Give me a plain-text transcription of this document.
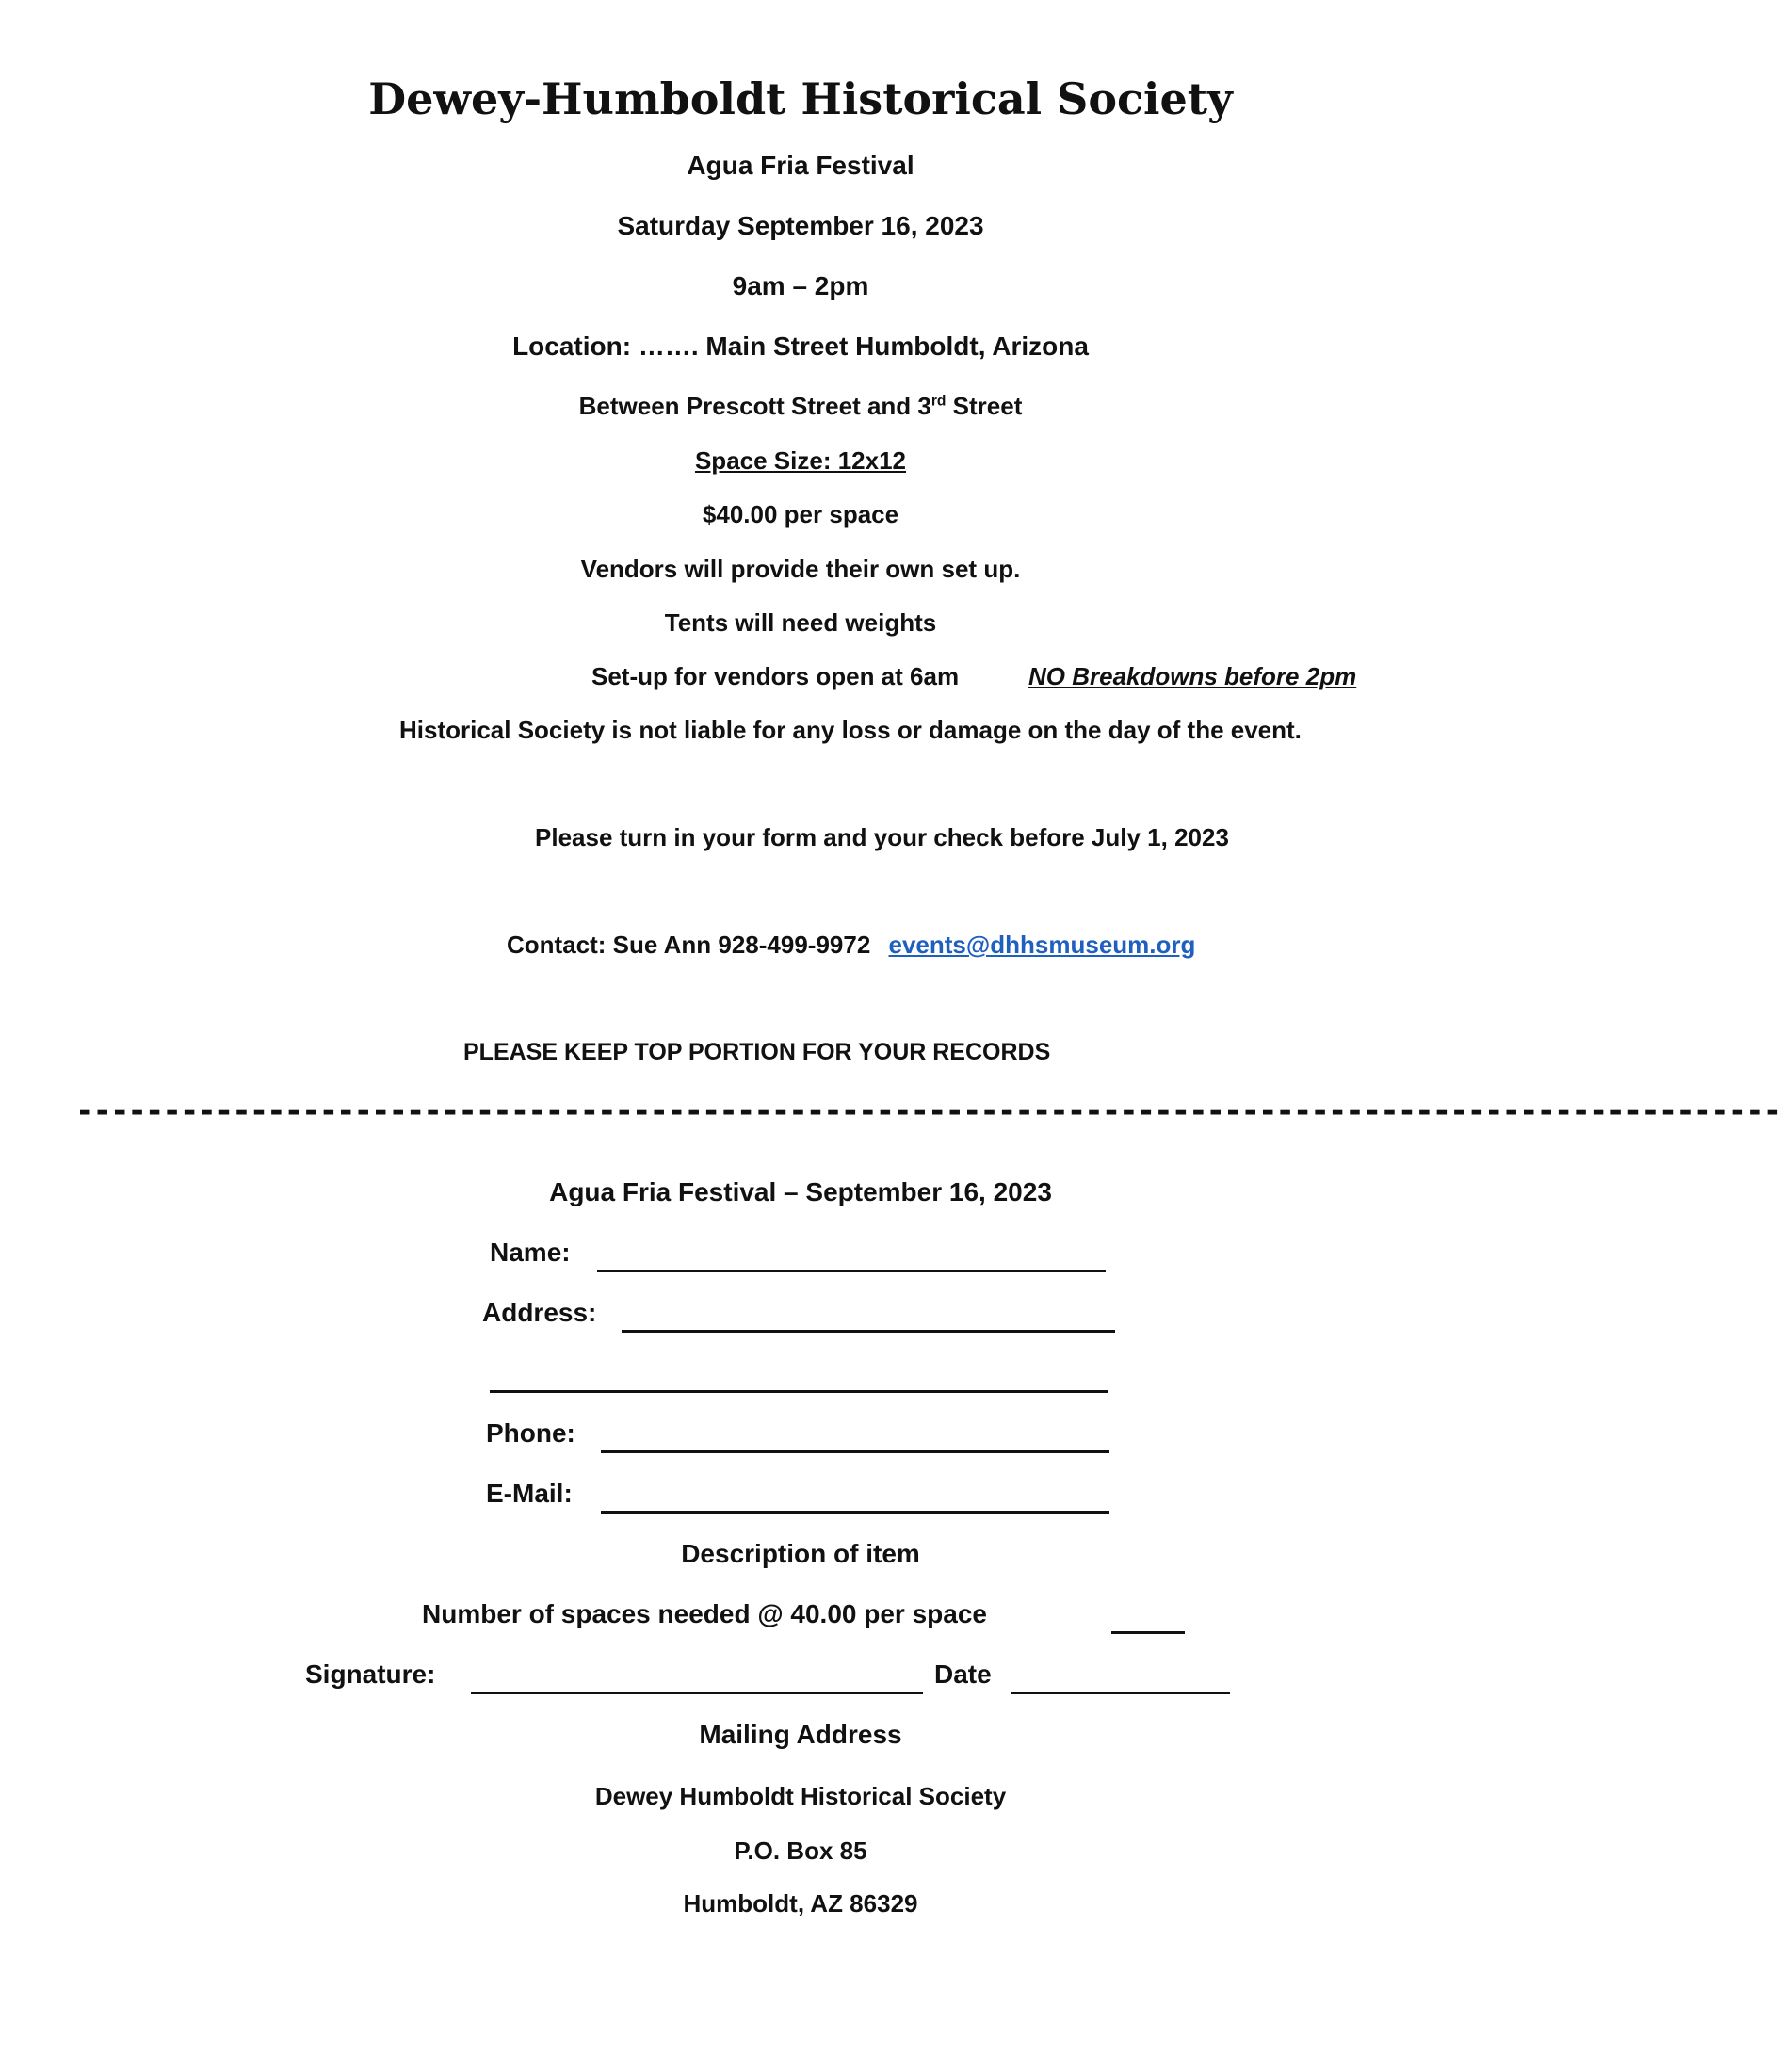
Dewey-Humboldt Historical Society
Agua Fria Festival
Saturday September 16, 2023
9am – 2pm
Location: ……. Main Street Humboldt, Arizona
Between Prescott Street and 3rd Street
Space Size: 12x12
$40.00 per space
Vendors will provide their own set up.
Tents will need weights
Set-up for vendors open at 6am	NO Breakdowns before 2pm
Historical Society is not liable for any loss or damage on the day of the event.
Please turn in your form and your check before July 1, 2023
Contact: Sue Ann 928-499-9972 events@dhhsmuseum.org
PLEASE KEEP TOP PORTION FOR YOUR RECORDS
--------------------------------------------------------------------------------------------------
Agua Fria Festival – September 16, 2023
Name:
Address:
Phone:
E-Mail:
Description of item
Number of spaces needed @ 40.00 per space
Signature:	Date
Mailing Address
Dewey Humboldt Historical Society
P.O. Box 85
Humboldt, AZ 86329
